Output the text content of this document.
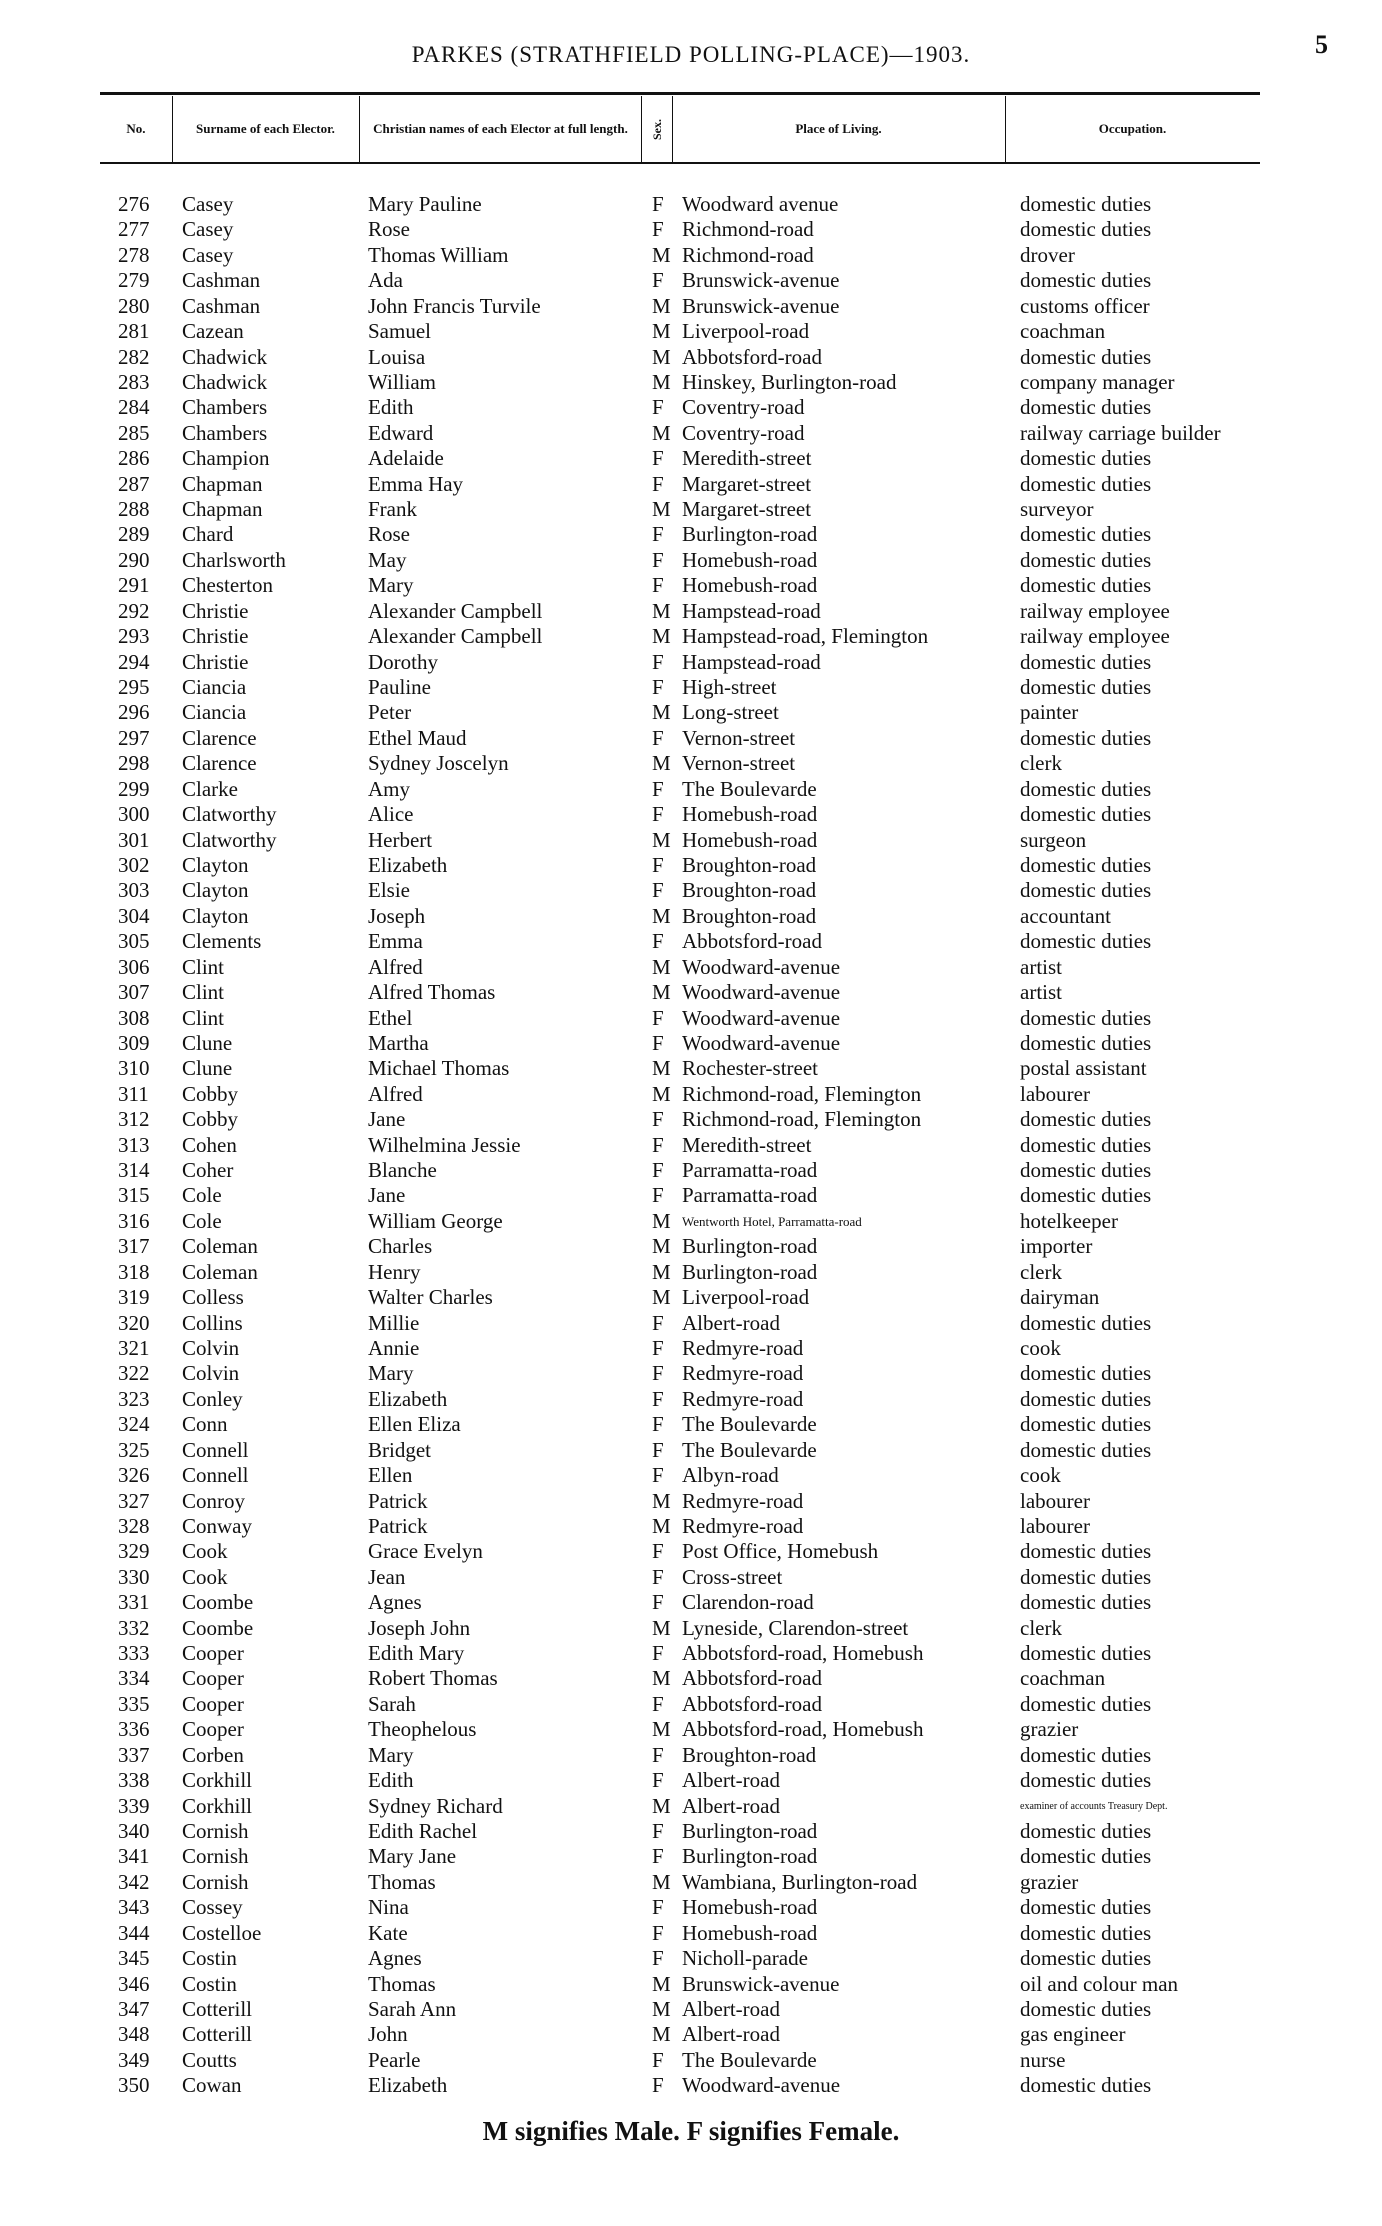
PARKES (STRATHFIELD POLLING-PLACE)—1903.	5
No.	Surname of each Elector.	Christian names of each Elector at full length.	Sex.	Place of Living.	Occupation.
276	Casey	Mary Pauline	F Woodward avenue	domestic duties
277	Casey	Rose	F Richmond-road	domestic duties
278	Casey	Thomas William	M Richmond-road	drover
279	Cashman	Ada	F Brunswick-avenue	domestic duties
280	Cashman	John Francis Turvile	M Brunswick-avenue	customs officer
281	Cazean	Samuel	M Liverpool-road	coachman
282	Chadwick	Louisa	M Abbotsford-road	domestic duties
283	Chadwick	William	M Hinskey, Burlington-road	company manager
284	Chambers	Edith	F Coventry-road	domestic duties
285	Chambers	Edward	M Coventry-road	railway carriage builder
286	Champion	Adelaide	F Meredith-street	domestic duties
287	Chapman	Emma Hay	F Margaret-street	domestic duties
288	Chapman	Frank	M Margaret-street	surveyor
289	Chard	Rose	F Burlington-road	domestic duties
290	Charlsworth	May	F Homebush-road	domestic duties
291	Chesterton	Mary	F Homebush-road	domestic duties
292	Christie	Alexander Campbell	M Hampstead-road	railway employee
293	Christie	Alexander Campbell	M Hampstead-road, Flemington	railway employee
294	Christie	Dorothy	F Hampstead-road	domestic duties
295	Ciancia	Pauline	F High-street	domestic duties
296	Ciancia	Peter	M Long-street	painter
297	Clarence	Ethel Maud	F Vernon-street	domestic duties
298	Clarence	Sydney Joscelyn	M Vernon-street	clerk
299	Clarke	Amy	F The Boulevarde	domestic duties
300	Clatworthy	Alice	F Homebush-road	domestic duties
301	Clatworthy	Herbert	M Homebush-road	surgeon
302	Clayton	Elizabeth	F Broughton-road	domestic duties
303	Clayton	Elsie	F Broughton-road	domestic duties
304	Clayton	Joseph	M Broughton-road	accountant
305	Clements	Emma	F Abbotsford-road	domestic duties
306	Clint	Alfred	M Woodward-avenue	artist
307	Clint	Alfred Thomas	M Woodward-avenue	artist
308	Clint	Ethel	F Woodward-avenue	domestic duties
309	Clune	Martha	F Woodward-avenue	domestic duties
310	Clune	Michael Thomas	M Rochester-street	postal assistant
311	Cobby	Alfred	M Richmond-road, Flemington	labourer
312	Cobby	Jane	F Richmond-road, Flemington	domestic duties
313	Cohen	Wilhelmina Jessie	F Meredith-street	domestic duties
314	Coher	Blanche	F Parramatta-road	domestic duties
315	Cole	Jane	F Parramatta-road	domestic duties
316	Cole	William George	M Wentworth Hotel, Parramatta-road	hotelkeeper
317	Coleman	Charles	M Burlington-road	importer
318	Coleman	Henry	M Burlington-road	clerk
319	Colless	Walter Charles	M Liverpool-road	dairyman
320	Collins	Millie	F Albert-road	domestic duties
321	Colvin	Annie	F Redmyre-road	cook
322	Colvin	Mary	F Redmyre-road	domestic duties
323	Conley	Elizabeth	F Redmyre-road	domestic duties
324	Conn	Ellen Eliza	F The Boulevarde	domestic duties
325	Connell	Bridget	F The Boulevarde	domestic duties
326	Connell	Ellen	F Albyn-road	cook
327	Conroy	Patrick	M Redmyre-road	labourer
328	Conway	Patrick	M Redmyre-road	labourer
329	Cook	Grace Evelyn	F Post Office, Homebush	domestic duties
330	Cook	Jean	F Cross-street	domestic duties
331	Coombe	Agnes	F Clarendon-road	domestic duties
332	Coombe	Joseph John	M Lyneside, Clarendon-street	clerk
333	Cooper	Edith Mary	F Abbotsford-road, Homebush	domestic duties
334	Cooper	Robert Thomas	M Abbotsford-road	coachman
335	Cooper	Sarah	F Abbotsford-road	domestic duties
336	Cooper	Theophelous	M Abbotsford-road, Homebush	grazier
337	Corben	Mary	F Broughton-road	domestic duties
338	Corkhill	Edith	F Albert-road	domestic duties
339	Corkhill	Sydney Richard	M Albert-road	examiner of accounts Treasury Dept.
340	Cornish	Edith Rachel	F Burlington-road	domestic duties
341	Cornish	Mary Jane	F Burlington-road	domestic duties
342	Cornish	Thomas	M Wambiana, Burlington-road	grazier
343	Cossey	Nina	F Homebush-road	domestic duties
344	Costelloe	Kate	F Homebush-road	domestic duties
345	Costin	Agnes	F Nicholl-parade	domestic duties
346	Costin	Thomas	M Brunswick-avenue	oil and colour man
347	Cotterill	Sarah Ann	M Albert-road	domestic duties
348	Cotterill	John	M Albert-road	gas engineer
349	Coutts	Pearle	F The Boulevarde	nurse
350	Cowan	Elizabeth	F Woodward-avenue	domestic duties
M signifies Male. F signifies Female.
